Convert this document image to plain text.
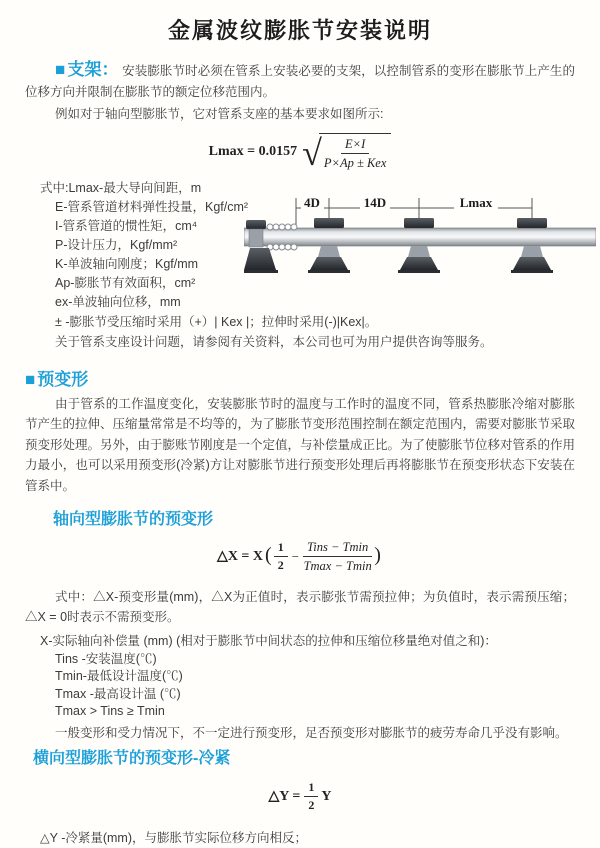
金属波纹膨胀节安装说明

■ 支架： 安装膨胀节时必须在管系上安装必要的支架，以控制管系的变形在膨胀节上产生的位移方向并限制在膨胀节的额定位移范围内。

例如对于轴向型膨胀节，它对管系支座的基本要求如图所示:

Lmax = 0.0157 √ $\frac{E\times I}{\text{P×Ap ± Kex}}$
式中:Lmax-最大导向间距，m
E-管系管道材料弹性投量，Kgf/cm²
I-管系管道的惯性矩，cm⁴
P-设计压力，Kgf/mm²
K-单波轴向刚度；Kgf/mm
Ap-膨胀节有效面积，cm²
ex-单波轴向位移，mm

± -膨胀节受压缩时采用（+）| Kex |；拉伸时采用(-)|Kex|。

关于管系支座设计问题，请参阅有关资料，本公司也可为用户提供咨询等服务。

4D	14D	Lmax

■ 预变形

由于管系的工作温度变化，安装膨胀节时的温度与工作时的温度不同，管系热膨胀冷缩对膨胀节产生的拉伸、压缩量常常是不均等的，为了膨胀节变形范围控制在额定范围内，需要对膨胀节采取预变形处理。另外，由于膨账节刚度是一个定值，与补偿量成正比。为了使膨胀节位移对管系的作用力最小，也可以采用预变形(冷紧)方让对膨胀节进行预变形处理后再将膨胀节在预变形状态下安装在管系中。

轴向型膨胀节的预变形
△X = X ( $\frac{1}{2} - \frac{\text{Tins − Tmin}}{Tmax - Tmin}$ )

式中：△X-预变形量(mm)，△X为正值时，表示膨张节需预拉伸；为负值时，表示需预压缩；△X = 0时表示不需预变形。

X-实际轴向补偿量 (mm) (相对于膨胀节中间状态的拉伸和压缩位移量绝对值之和)：

Tins -安装温度(℃)

Tmin-最低设计温度(℃)

Tmax -最高设计温 (℃)

Tmax > Tins ≥ Tmin

一般变形和受力情况下，不一定进行预变形，足否预变形对膨胀节的疲劳寿命几乎没有影响。

横向型膨胀节的预变形-冷紧
△Y =
$\frac{1}{2}$ Y

△Y -冷紧量(mm)，与膨胀节实际位移方向相反；
